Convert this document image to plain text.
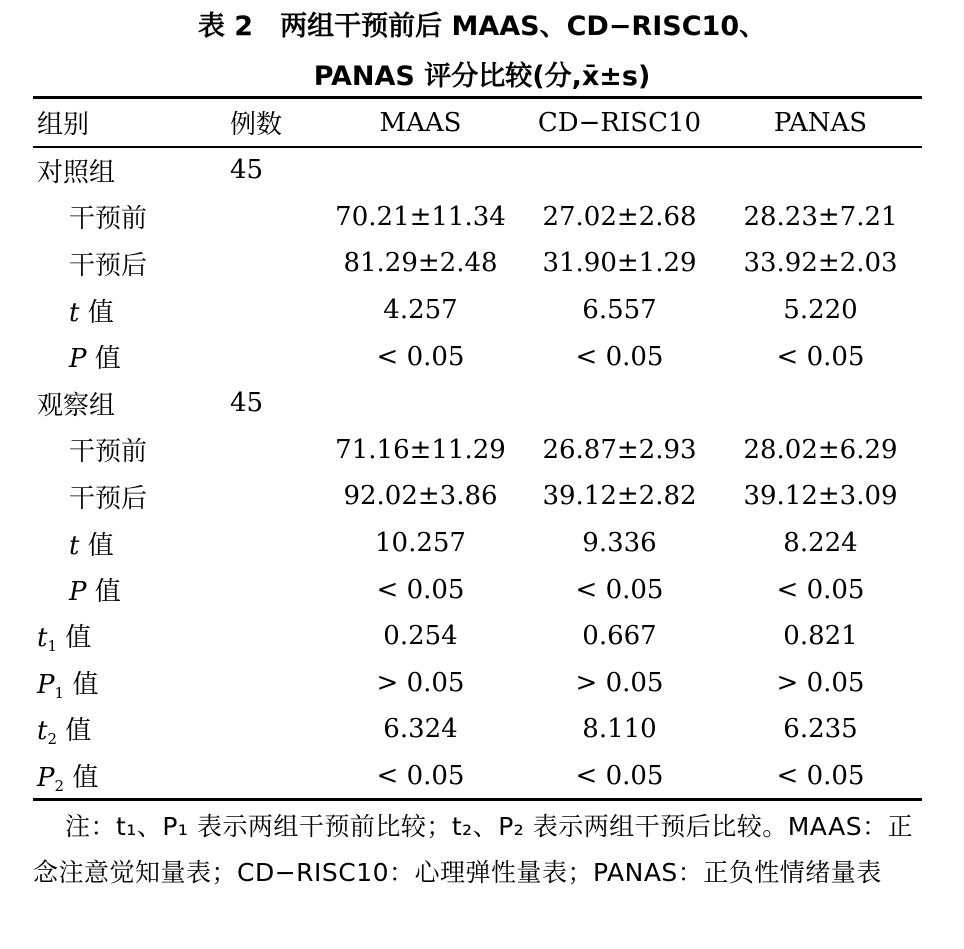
表 2　两组干预前后 MAAS、CD−RISC10、
PANAS 评分比较(分,x̄±s)
组别	例数	MAAS	CD−RISC10	PANAS
对照组	45			
干预前		70.21±11.34	27.02±2.68	28.23±7.21
干预后		81.29±2.48	31.90±1.29	33.92±2.03
t 值		4.257	6.557	5.220
P 值		< 0.05	< 0.05	< 0.05
观察组	45			
干预前		71.16±11.29	26.87±2.93	28.02±6.29
干预后		92.02±3.86	39.12±2.82	39.12±3.09
t 值		10.257	9.336	8.224
P 值		< 0.05	< 0.05	< 0.05
$t_1$ 值		0.254	0.667	0.821
$P_1$ 值		> 0.05	> 0.05	> 0.05
$t_2$ 值		6.324	8.110	6.235
$P_2$ 值		< 0.05	< 0.05	< 0.05
注：t₁、P₁ 表示两组干预前比较；t₂、P₂ 表示两组干预后比较。MAAS：正念注意觉知量表；CD−RISC10：心理弹性量表；PANAS：正负性情绪量表
